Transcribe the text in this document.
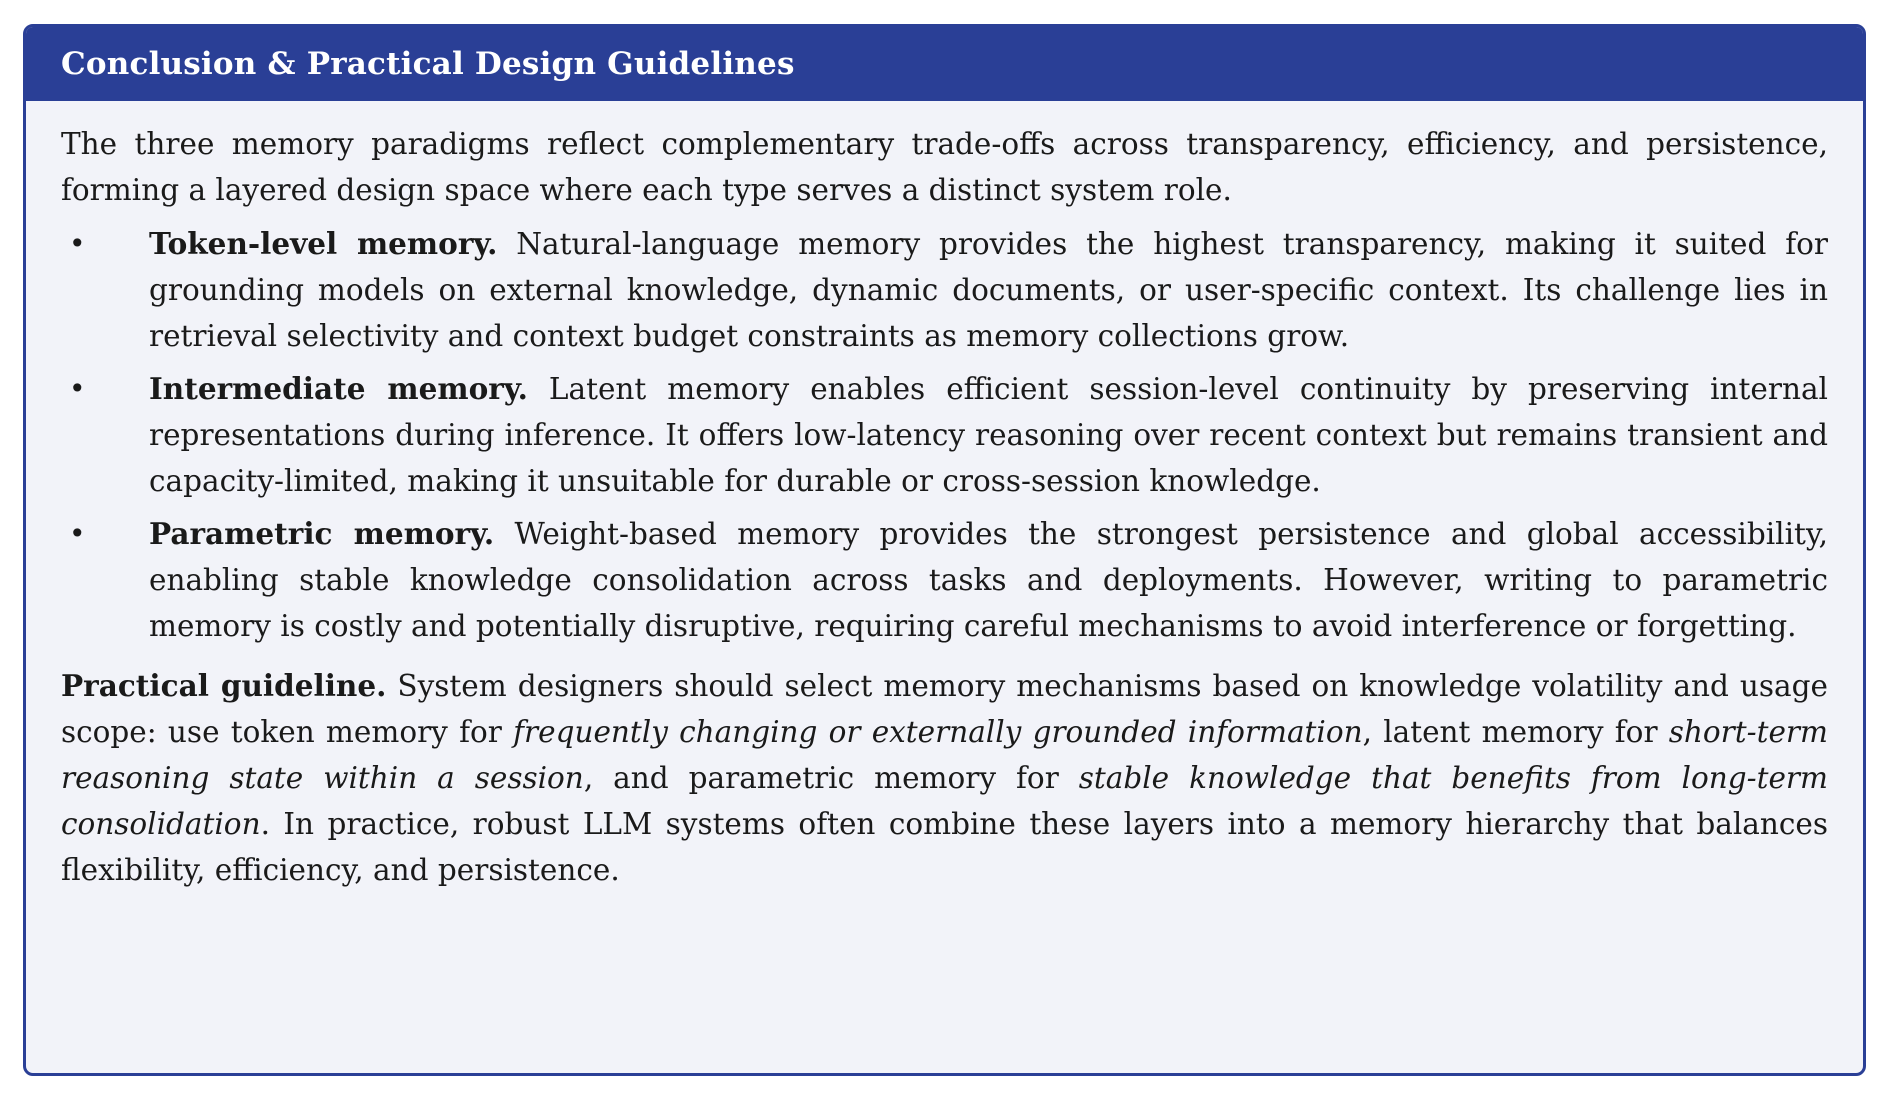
Conclusion & Practical Design Guidelines

The three memory paradigms reflect complementary trade-offs across transparency, efficiency, and persistence, forming a layered design space where each type serves a distinct system role.

• Token-level memory. Natural-language memory provides the highest transparency, making it suited for grounding models on external knowledge, dynamic documents, or user-specific context. Its challenge lies in retrieval selectivity and context budget constraints as memory collections grow.
• Intermediate memory. Latent memory enables efficient session-level continuity by preserving internal representations during inference. It offers low-latency reasoning over recent context but remains transient and capacity-limited, making it unsuitable for durable or cross-session knowledge.
• Parametric memory. Weight-based memory provides the strongest persistence and global accessibility, enabling stable knowledge consolidation across tasks and deployments. However, writing to parametric memory is costly and potentially disruptive, requiring careful mechanisms to avoid interference or forgetting.

Practical guideline. System designers should select memory mechanisms based on knowledge volatility and usage scope: use token memory for frequently changing or externally grounded information, latent memory for short-term reasoning state within a session, and parametric memory for stable knowledge that benefits from long-term consolidation. In practice, robust LLM systems often combine these layers into a memory hierarchy that balances flexibility, efficiency, and persistence.
